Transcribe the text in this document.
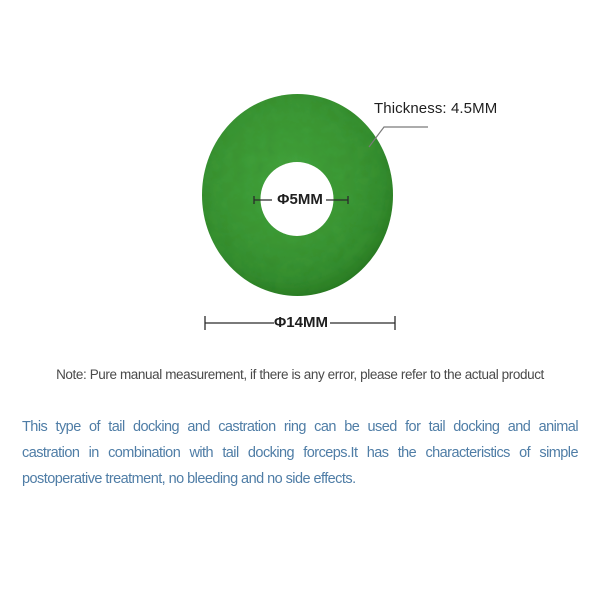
Thickness: 4.5MM
Φ5MM
Φ14MM
Note: Pure manual measurement, if there is any error, please refer to the actual product
This type of tail docking and castration ring can be used for tail docking and animal
castration in combination with tail docking forceps.It has the characteristics of simple
postoperative treatment, no bleeding and no side effects.
